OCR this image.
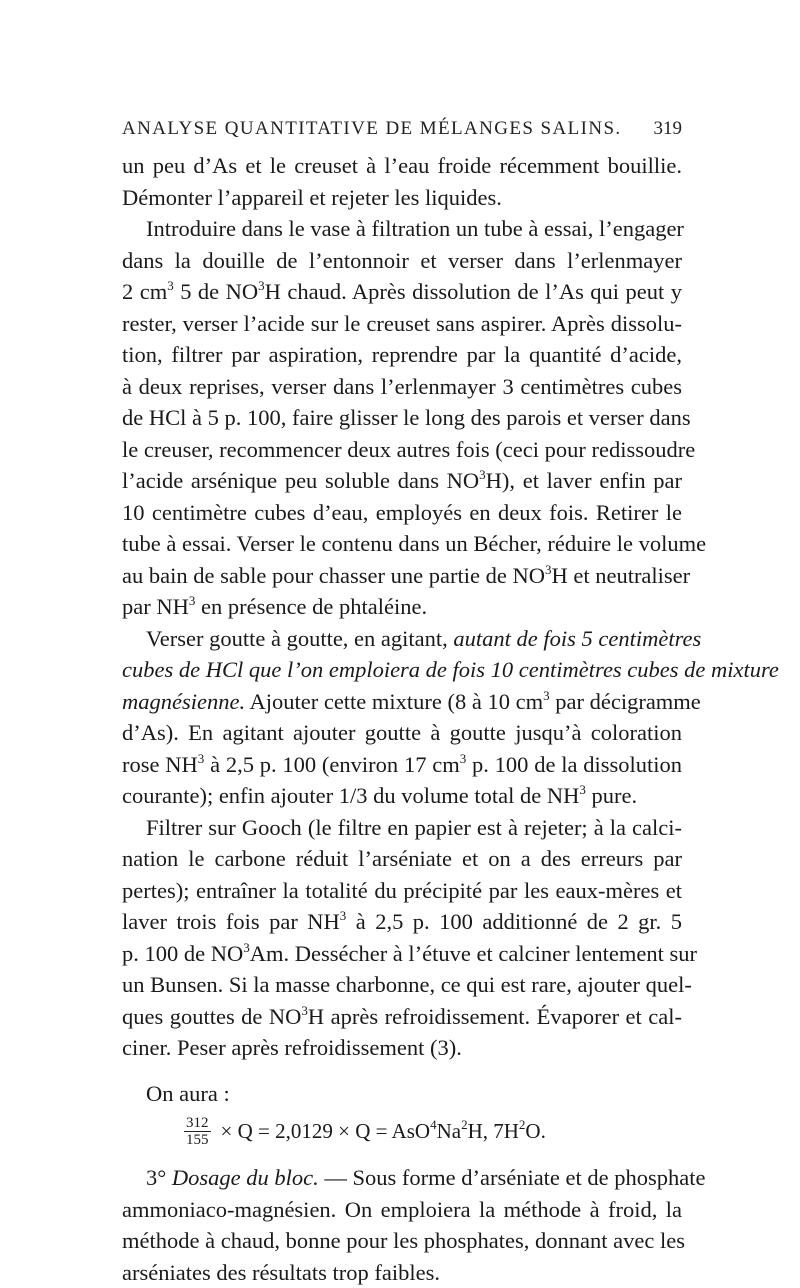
ANALYSE QUANTITATIVE DE MÉLANGES SALINS. 319

un peu d’As et le creuset à l’eau froide récemment bouillie.
Démonter l’appareil et rejeter les liquides.

Introduire dans le vase à filtration un tube à essai, l’engager
dans la douille de l’entonnoir et verser dans l’erlenmayer
2 $cm^3$ 5 de $NO^3H$ chaud. Après dissolution de l’As qui peut y
rester, verser l’acide sur le creuset sans aspirer. Après dissolu-
tion, filtrer par aspiration, reprendre par la quantité d’acide,
à deux reprises, verser dans l’erlenmayer 3 centimètres cubes
de HCl à 5 p. 100, faire glisser le long des parois et verser dans
le creuser, recommencer deux autres fois (ceci pour redissoudre
l’acide arsénique peu soluble dans $NO^3H$), et laver enfin par
10 centimètre cubes d’eau, employés en deux fois. Retirer le
tube à essai. Verser le contenu dans un Bécher, réduire le volume
au bain de sable pour chasser une partie de $NO^3H$ et neutraliser
par $NH^3$ en présence de phtaléine.

Verser goutte à goutte, en agitant, autant de fois 5 centimètres
cubes de HCl que l’on emploiera de fois 10 centimètres cubes de mixture
magnésienne. Ajouter cette mixture (8 à 10 $cm^3$ par décigramme
d’As). En agitant ajouter goutte à goutte jusqu’à coloration
rose $NH^3$ à 2,5 p. 100 (environ 17 $cm^3$ p. 100 de la dissolution
courante); enfin ajouter 1/3 du volume total de $NH^3$ pure.

Filtrer sur Gooch (le filtre en papier est à rejeter; à la calci-
nation le carbone réduit l’arséniate et on a des erreurs par
pertes); entraîner la totalité du précipité par les eaux-mères et
laver trois fois par $NH^3$ à 2,5 p. 100 additionné de 2 gr. 5
p. 100 de $NO^3Am$. Dessécher à l’étuve et calciner lentement sur
un Bunsen. Si la masse charbonne, ce qui est rare, ajouter quel-
ques gouttes de $NO^3H$ après refroidissement. Évaporer et cal-
ciner. Peser après refroidissement (3).

On aura :

$\frac{312}{155} \times Q = 2,0129 \times Q = AsO^4Na^2H$, $7H^2O$.

3° Dosage du bloc. — Sous forme d’arséniate et de phosphate
ammoniaco-magnésien. On emploiera la méthode à froid, la
méthode à chaud, bonne pour les phosphates, donnant avec les
arséniates des résultats trop faibles.
